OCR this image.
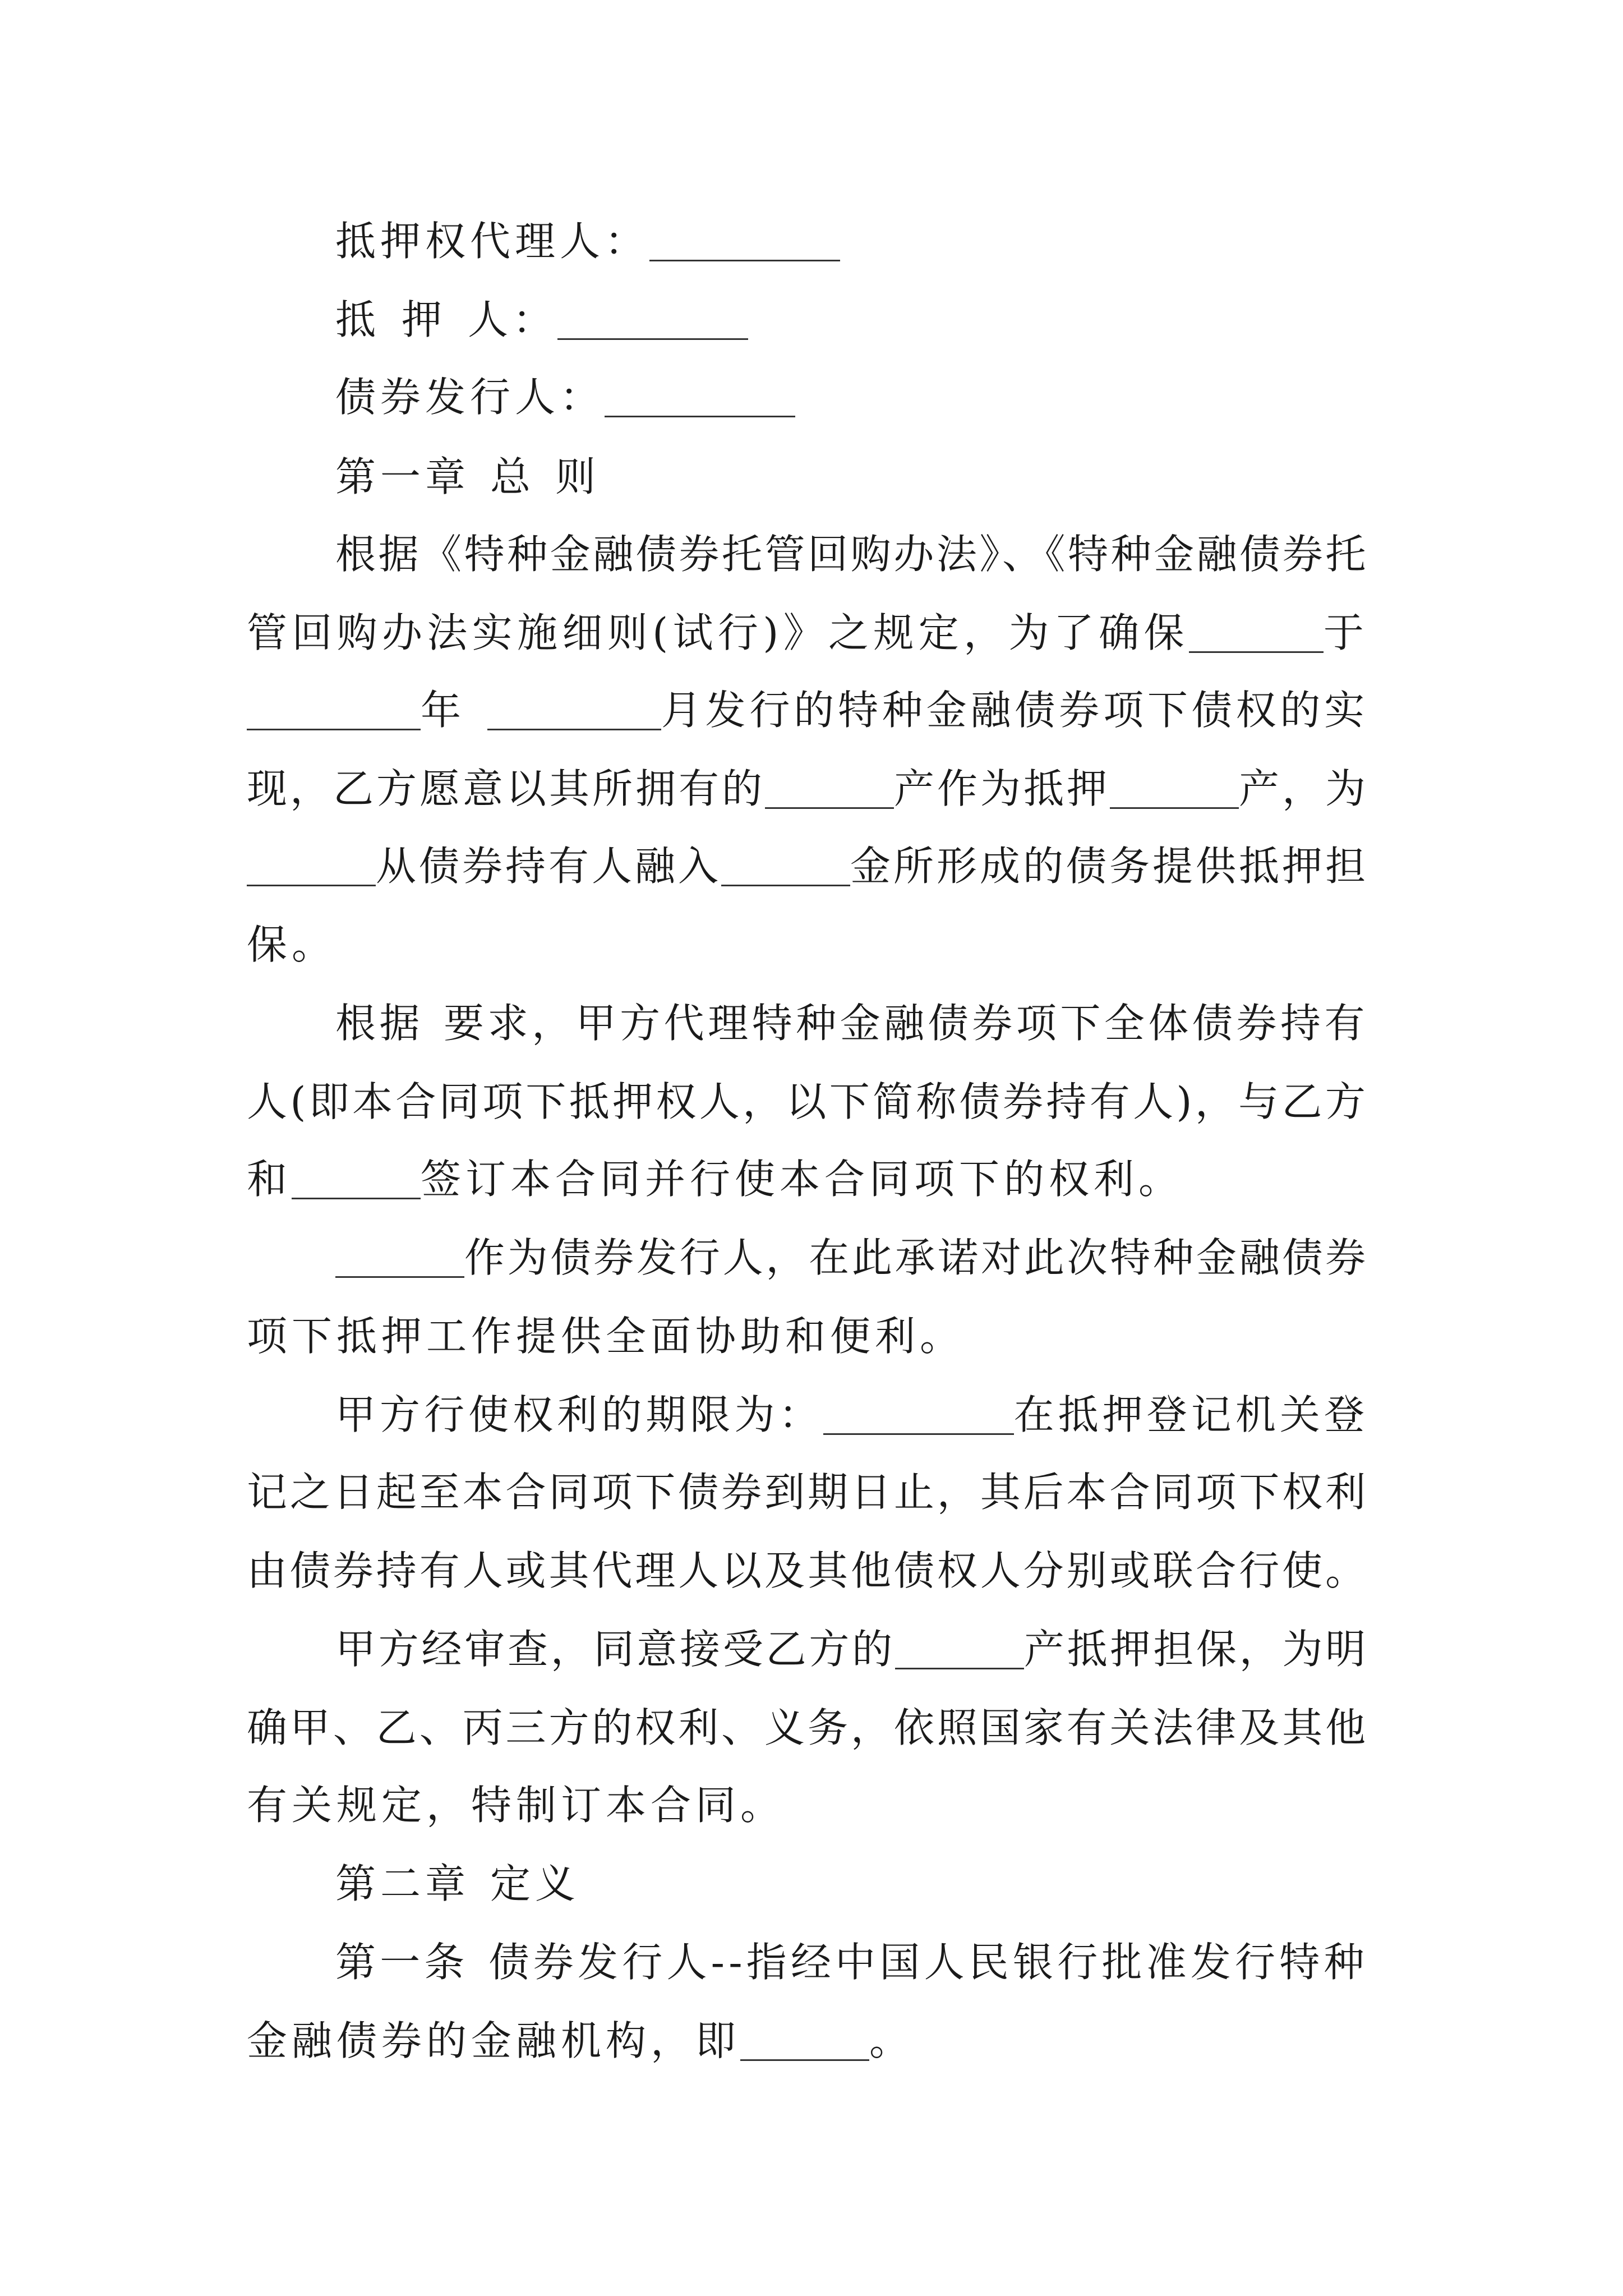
抵押权代理人：
抵 押 人：
债券发行人：
第一章 总 则
根据《特种金融债券托管回购办法》、《特种金融债券托
管回购办法实施细则(试行)》之规定，为了确保	于
年	月发行的特种金融债券项下债权的实
现，乙方愿意以其所拥有的	产作为抵押	产，为
从债券持有人融入	金所形成的债务提供抵押担
保。
根据 要求，甲方代理特种金融债券项下全体债券持有
人(即本合同项下抵押权人，以下简称债券持有人)，与乙方
和	签订本合同并行使本合同项下的权利。
作为债券发行人，在此承诺对此次特种金融债券
项下抵押工作提供全面协助和便利。
甲方行使权利的期限为：	在抵押登记机关登
记之日起至本合同项下债券到期日止，其后本合同项下权利
由债券持有人或其代理人以及其他债权人分别或联合行使。
甲方经审查，同意接受乙方的	产抵押担保，为明
确甲、乙、丙三方的权利、义务，依照国家有关法律及其他
有关规定，特制订本合同。
第二章 定义
第一条 债券发行人--指经中国人民银行批准发行特种
金融债券的金融机构，即	。
